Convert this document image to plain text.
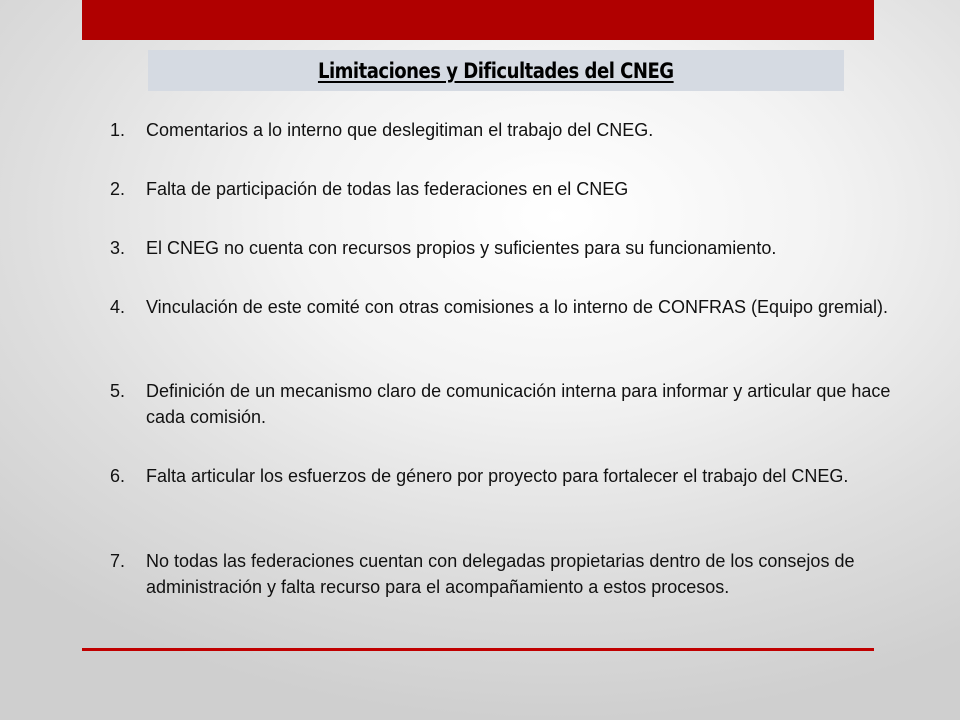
Limitaciones y Dificultades del CNEG
1.	Comentarios a lo interno que deslegitiman el trabajo del CNEG.
2.	Falta de participación de todas las federaciones en el CNEG
3.	El CNEG no cuenta con recursos propios y suficientes para su funcionamiento.
4.	Vinculación de este comité con otras comisiones a lo interno de CONFRAS (Equipo gremial).
5.	Definición de un mecanismo claro de comunicación interna para informar y articular que hace cada comisión.
6.	Falta articular los esfuerzos de género por proyecto para fortalecer el trabajo del CNEG.
7.	No todas las federaciones cuentan con delegadas propietarias dentro de los consejos de administración y falta recurso para el acompañamiento a estos procesos.
